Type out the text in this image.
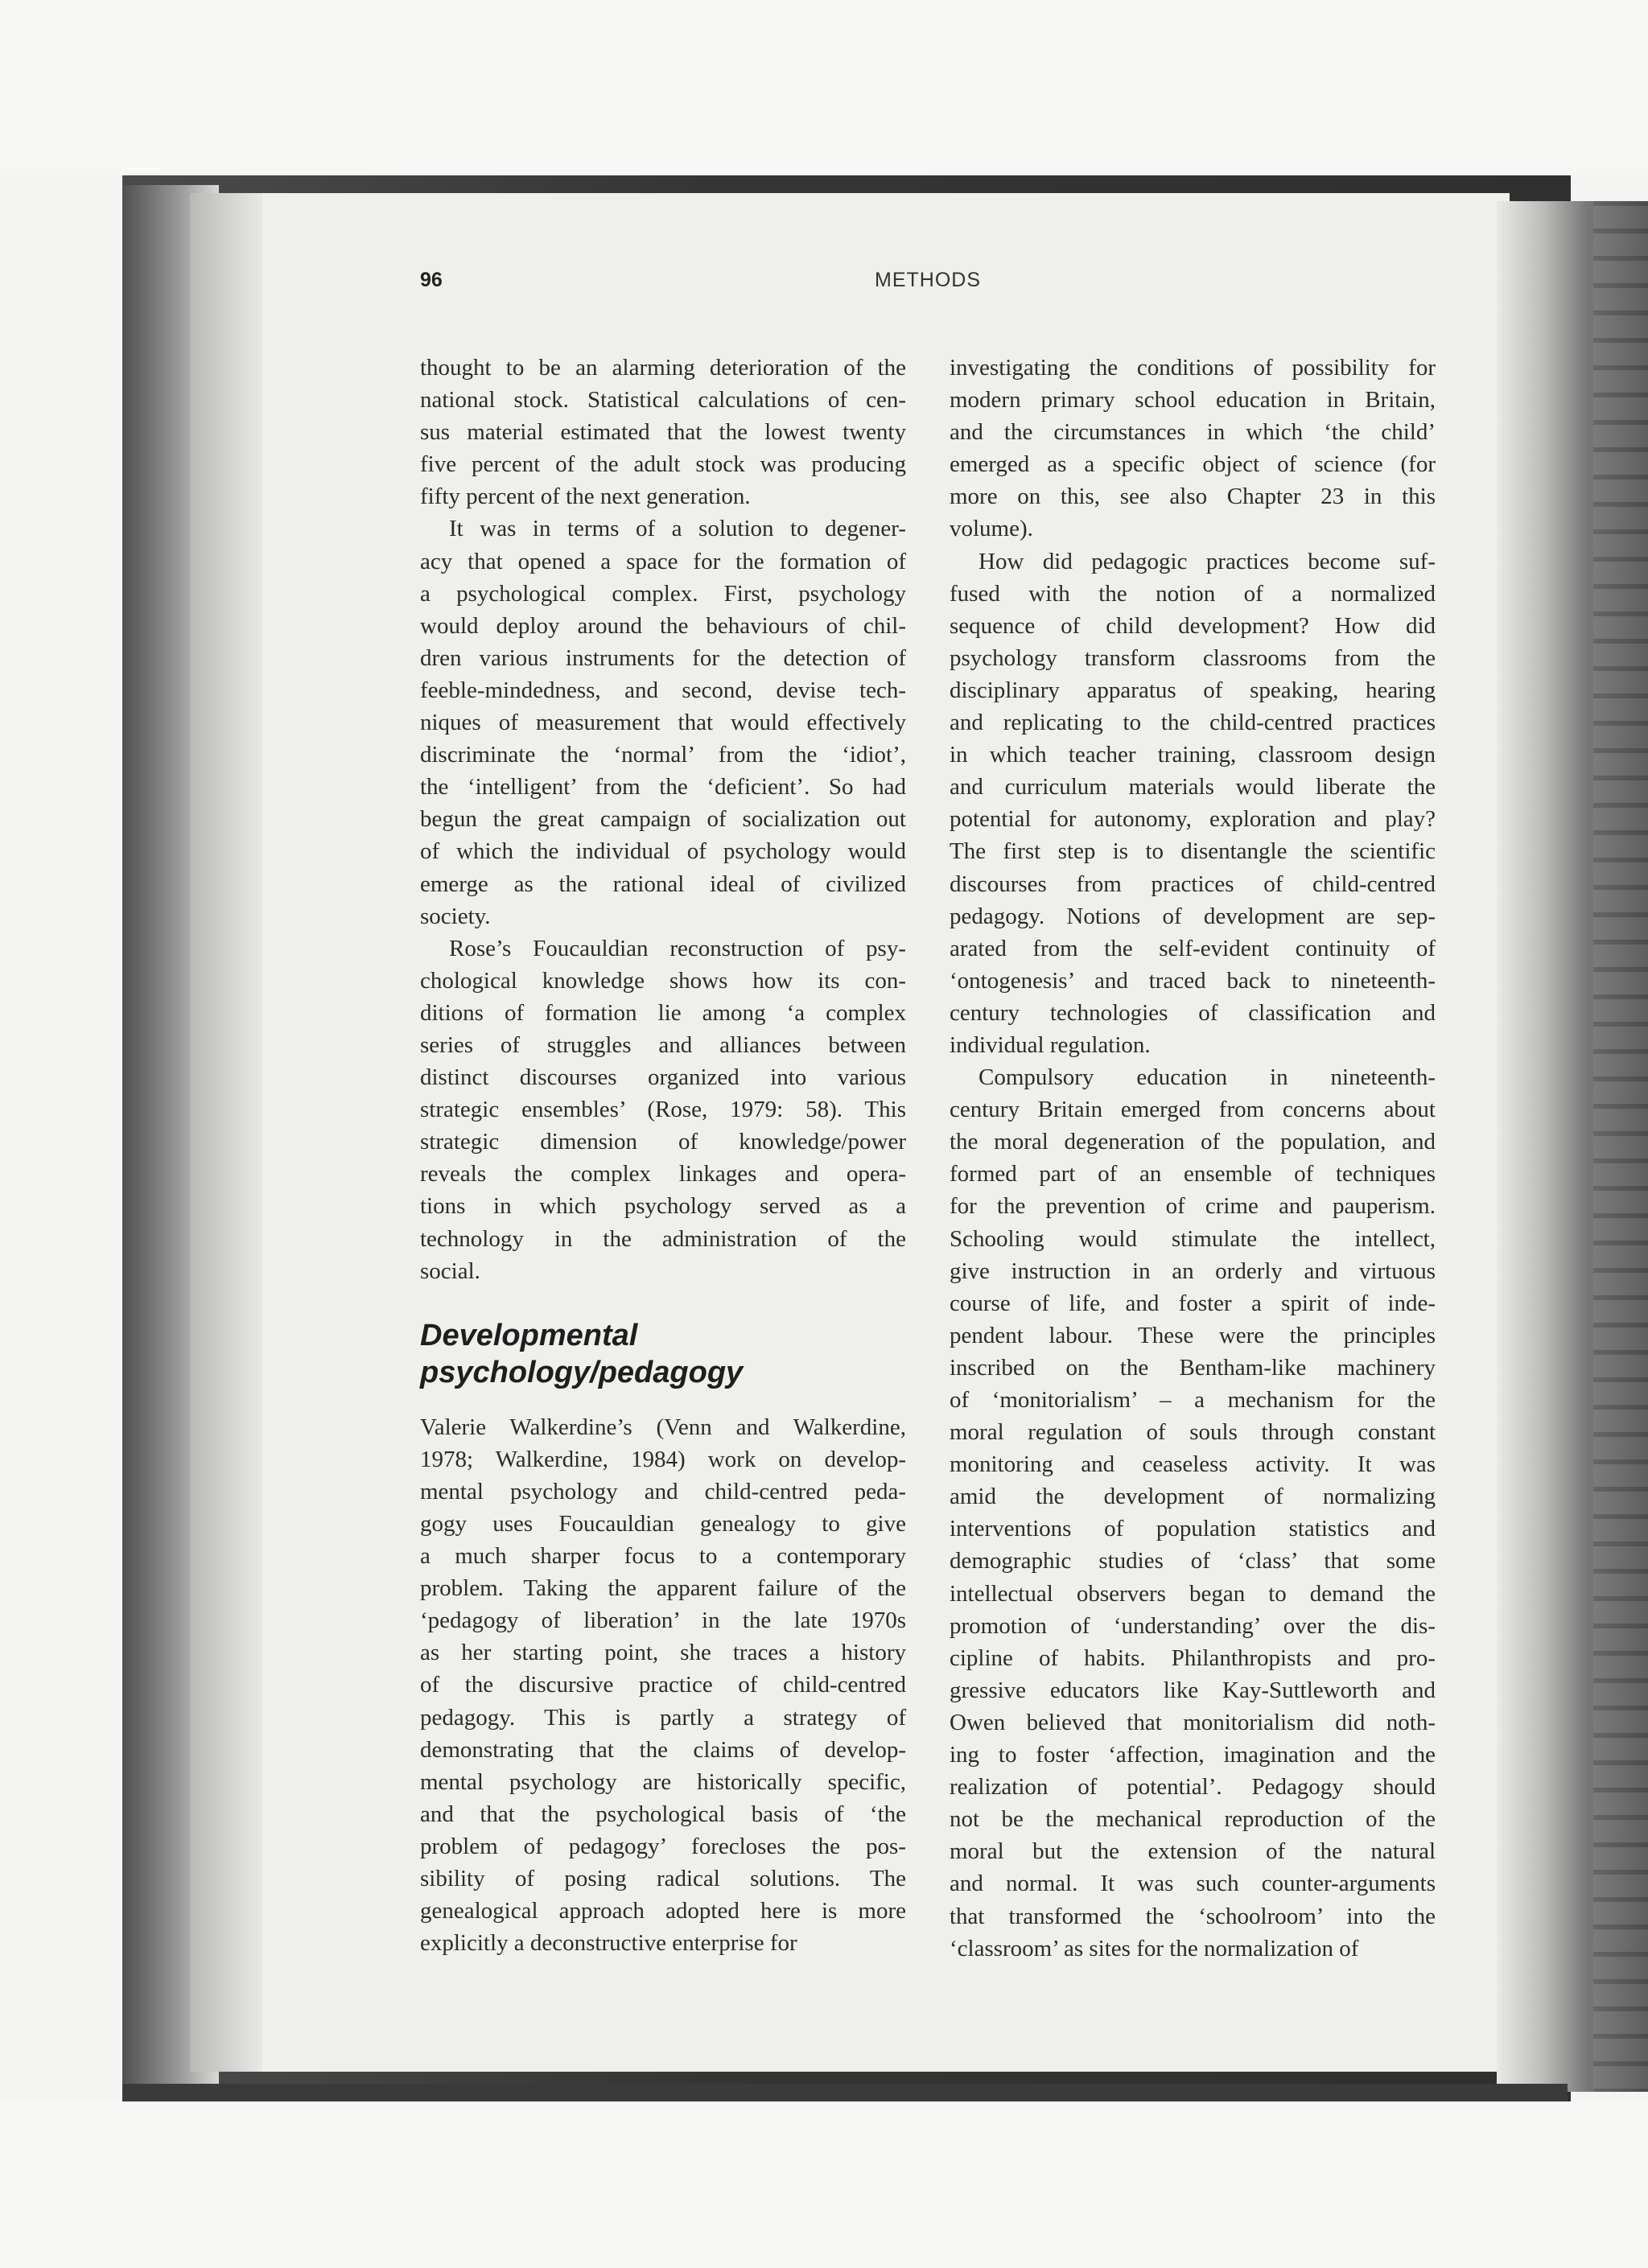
96	METHODS
thought to be an alarming deterioration of the
national stock. Statistical calculations of cen-
sus material estimated that the lowest twenty
five percent of the adult stock was producing
fifty percent of the next generation.
It was in terms of a solution to degener-
acy that opened a space for the formation of
a psychological complex. First, psychology
would deploy around the behaviours of chil-
dren various instruments for the detection of
feeble-mindedness, and second, devise tech-
niques of measurement that would effectively
discriminate the ‘normal’ from the ‘idiot’,
the ‘intelligent’ from the ‘deficient’. So had
begun the great campaign of socialization out
of which the individual of psychology would
emerge as the rational ideal of civilized
society.
Rose’s Foucauldian reconstruction of psy-
chological knowledge shows how its con-
ditions of formation lie among ‘a complex
series of struggles and alliances between
distinct discourses organized into various
strategic ensembles’ (Rose, 1979: 58). This
strategic dimension of knowledge/power
reveals the complex linkages and opera-
tions in which psychology served as a
technology in the administration of the
social.
Developmental
psychology/pedagogy
Valerie Walkerdine’s (Venn and Walkerdine,
1978; Walkerdine, 1984) work on develop-
mental psychology and child-centred peda-
gogy uses Foucauldian genealogy to give
a much sharper focus to a contemporary
problem. Taking the apparent failure of the
‘pedagogy of liberation’ in the late 1970s
as her starting point, she traces a history
of the discursive practice of child-centred
pedagogy. This is partly a strategy of
demonstrating that the claims of develop-
mental psychology are historically specific,
and that the psychological basis of ‘the
problem of pedagogy’ forecloses the pos-
sibility of posing radical solutions. The
genealogical approach adopted here is more
explicitly a deconstructive enterprise for
investigating the conditions of possibility for
modern primary school education in Britain,
and the circumstances in which ‘the child’
emerged as a specific object of science (for
more on this, see also Chapter 23 in this
volume).
How did pedagogic practices become suf-
fused with the notion of a normalized
sequence of child development? How did
psychology transform classrooms from the
disciplinary apparatus of speaking, hearing
and replicating to the child-centred practices
in which teacher training, classroom design
and curriculum materials would liberate the
potential for autonomy, exploration and play?
The first step is to disentangle the scientific
discourses from practices of child-centred
pedagogy. Notions of development are sep-
arated from the self-evident continuity of
‘ontogenesis’ and traced back to nineteenth-
century technologies of classification and
individual regulation.
Compulsory education in nineteenth-
century Britain emerged from concerns about
the moral degeneration of the population, and
formed part of an ensemble of techniques
for the prevention of crime and pauperism.
Schooling would stimulate the intellect,
give instruction in an orderly and virtuous
course of life, and foster a spirit of inde-
pendent labour. These were the principles
inscribed on the Bentham-like machinery
of ‘monitorialism’ – a mechanism for the
moral regulation of souls through constant
monitoring and ceaseless activity. It was
amid the development of normalizing
interventions of population statistics and
demographic studies of ‘class’ that some
intellectual observers began to demand the
promotion of ‘understanding’ over the dis-
cipline of habits. Philanthropists and pro-
gressive educators like Kay-Suttleworth and
Owen believed that monitorialism did noth-
ing to foster ‘affection, imagination and the
realization of potential’. Pedagogy should
not be the mechanical reproduction of the
moral but the extension of the natural
and normal. It was such counter-arguments
that transformed the ‘schoolroom’ into the
‘classroom’ as sites for the normalization of
